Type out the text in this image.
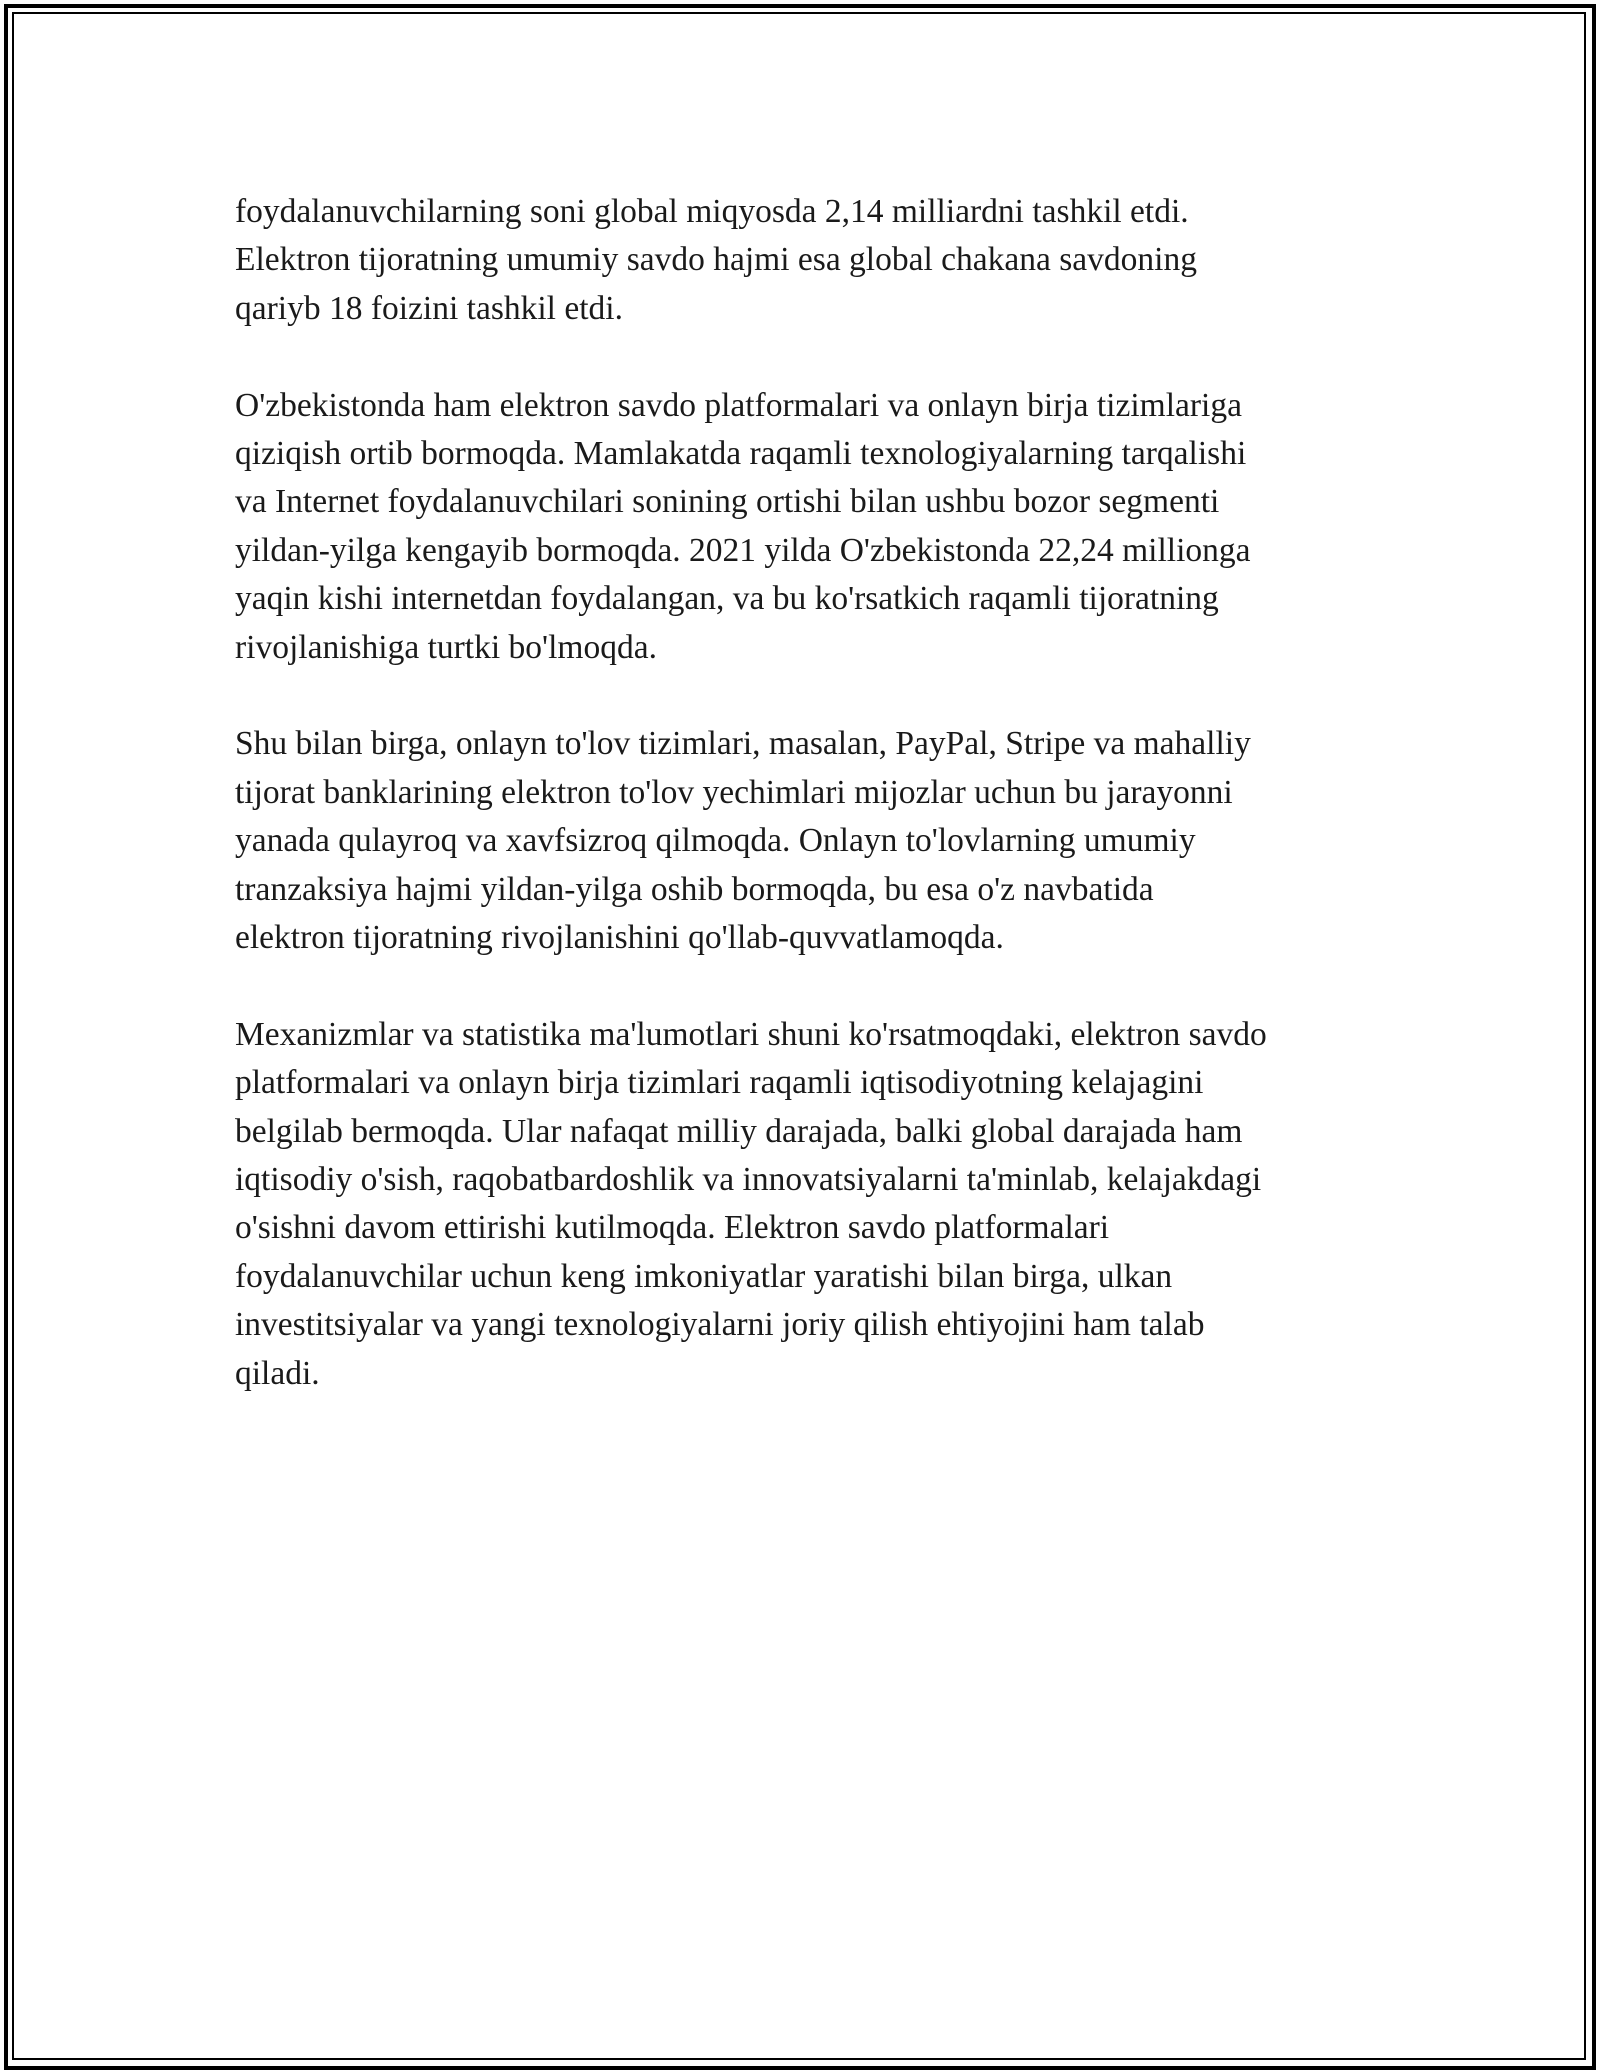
foydalanuvchilarning soni global miqyosda 2,14 milliardni tashkil etdi.
Elektron tijoratning umumiy savdo hajmi esa global chakana savdoning
qariyb 18 foizini tashkil etdi.

O'zbekistonda ham elektron savdo platformalari va onlayn birja tizimlariga
qiziqish ortib bormoqda. Mamlakatda raqamli texnologiyalarning tarqalishi
va Internet foydalanuvchilari sonining ortishi bilan ushbu bozor segmenti
yildan-yilga kengayib bormoqda. 2021 yilda O'zbekistonda 22,24 millionga
yaqin kishi internetdan foydalangan, va bu ko'rsatkich raqamli tijoratning
rivojlanishiga turtki bo'lmoqda.

Shu bilan birga, onlayn to'lov tizimlari, masalan, PayPal, Stripe va mahalliy
tijorat banklarining elektron to'lov yechimlari mijozlar uchun bu jarayonni
yanada qulayroq va xavfsizroq qilmoqda. Onlayn to'lovlarning umumiy
tranzaksiya hajmi yildan-yilga oshib bormoqda, bu esa o'z navbatida
elektron tijoratning rivojlanishini qo'llab-quvvatlamoqda.

Mexanizmlar va statistika ma'lumotlari shuni ko'rsatmoqdaki, elektron savdo
platformalari va onlayn birja tizimlari raqamli iqtisodiyotning kelajagini
belgilab bermoqda. Ular nafaqat milliy darajada, balki global darajada ham
iqtisodiy o'sish, raqobatbardoshlik va innovatsiyalarni ta'minlab, kelajakdagi
o'sishni davom ettirishi kutilmoqda. Elektron savdo platformalari
foydalanuvchilar uchun keng imkoniyatlar yaratishi bilan birga, ulkan
investitsiyalar va yangi texnologiyalarni joriy qilish ehtiyojini ham talab
qiladi.
